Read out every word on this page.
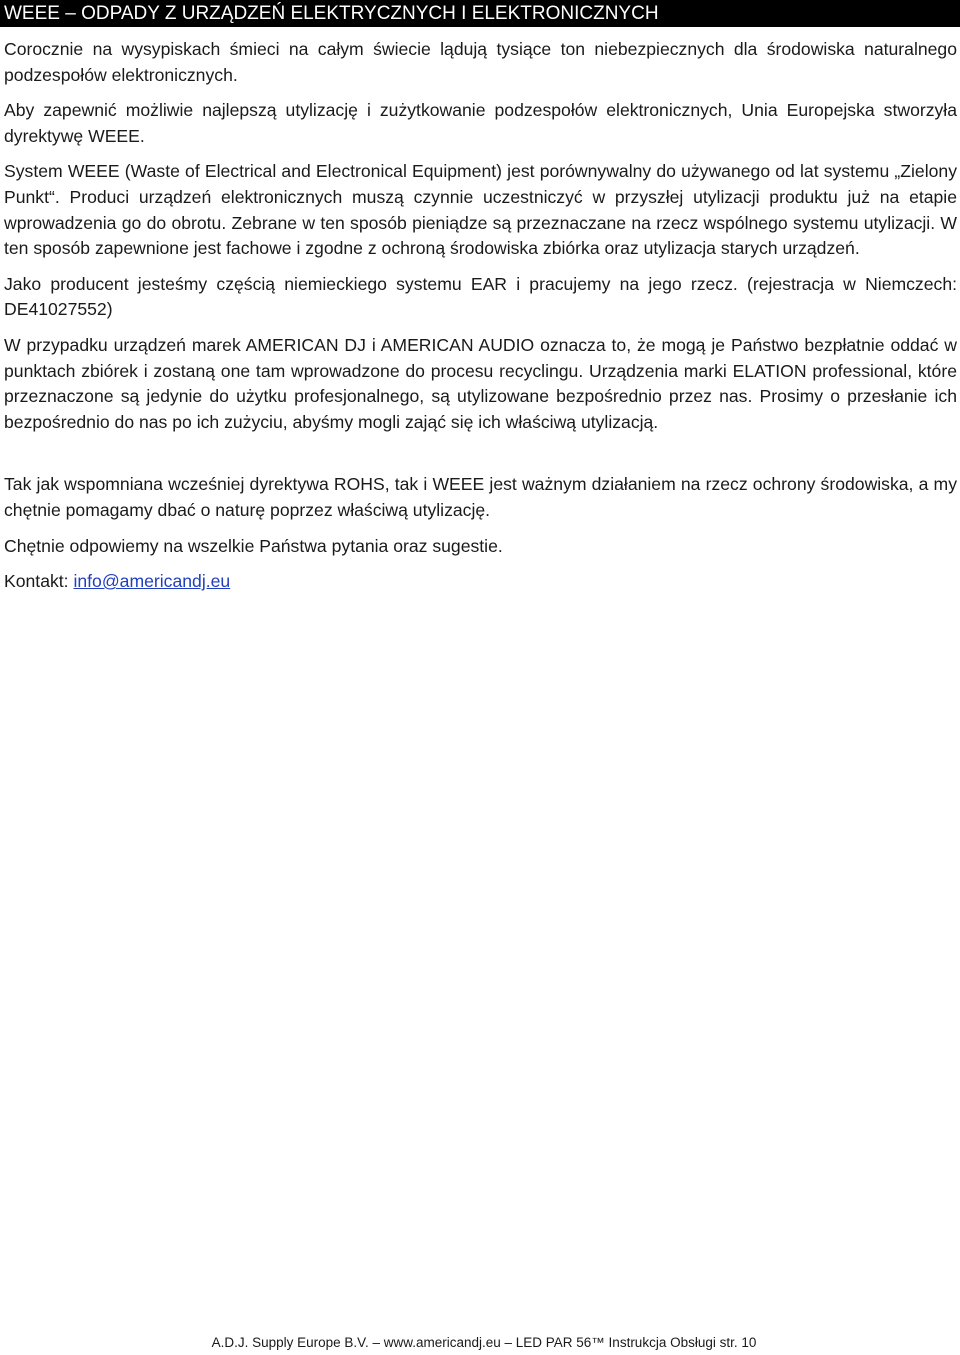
WEEE – ODPADY Z URZĄDZEŃ ELEKTRYCZNYCH I ELEKTRONICZNYCH

Corocznie na wysypiskach śmieci na całym świecie lądują tysiące ton niebezpiecznych dla środowiska naturalnego podzespołów elektronicznych.

Aby zapewnić możliwie najlepszą utylizację i zużytkowanie podzespołów elektronicznych, Unia Europejska stworzyła dyrektywę WEEE.

System WEEE (Waste of Electrical and Electronical Equipment) jest porównywalny do używanego od lat systemu „Zielony Punkt“. Produci urządzeń elektronicznych muszą czynnie uczestniczyć w przyszłej utylizacji produktu już na etapie wprowadzenia go do obrotu. Zebrane w ten sposób pieniądze są przeznaczane na rzecz wspólnego systemu utylizacji. W ten sposób zapewnione jest fachowe i zgodne z ochroną środowiska zbiórka oraz utylizacja starych urządzeń.

Jako producent jesteśmy częścią niemieckiego systemu EAR i pracujemy na jego rzecz. (rejestracja w Niemczech: DE41027552)

W przypadku urządzeń marek AMERICAN DJ i AMERICAN AUDIO oznacza to, że mogą je Państwo bezpłatnie oddać w punktach zbiórek i zostaną one tam wprowadzone do procesu recyclingu. Urządzenia marki ELATION professional, które przeznaczone są jedynie do użytku profesjonalnego, są utylizowane bezpośrednio przez nas. Prosimy o przesłanie ich bezpośrednio do nas po ich zużyciu, abyśmy mogli zająć się ich właściwą utylizacją.

Tak jak wspomniana wcześniej dyrektywa ROHS, tak i WEEE jest ważnym działaniem na rzecz ochrony środowiska, a my chętnie pomagamy dbać o naturę poprzez właściwą utylizację.

Chętnie odpowiemy na wszelkie Państwa pytania oraz sugestie.

Kontakt: info@americandj.eu

A.D.J. Supply Europe B.V. – www.americandj.eu – LED PAR 56™ Instrukcja Obsługi str. 10
